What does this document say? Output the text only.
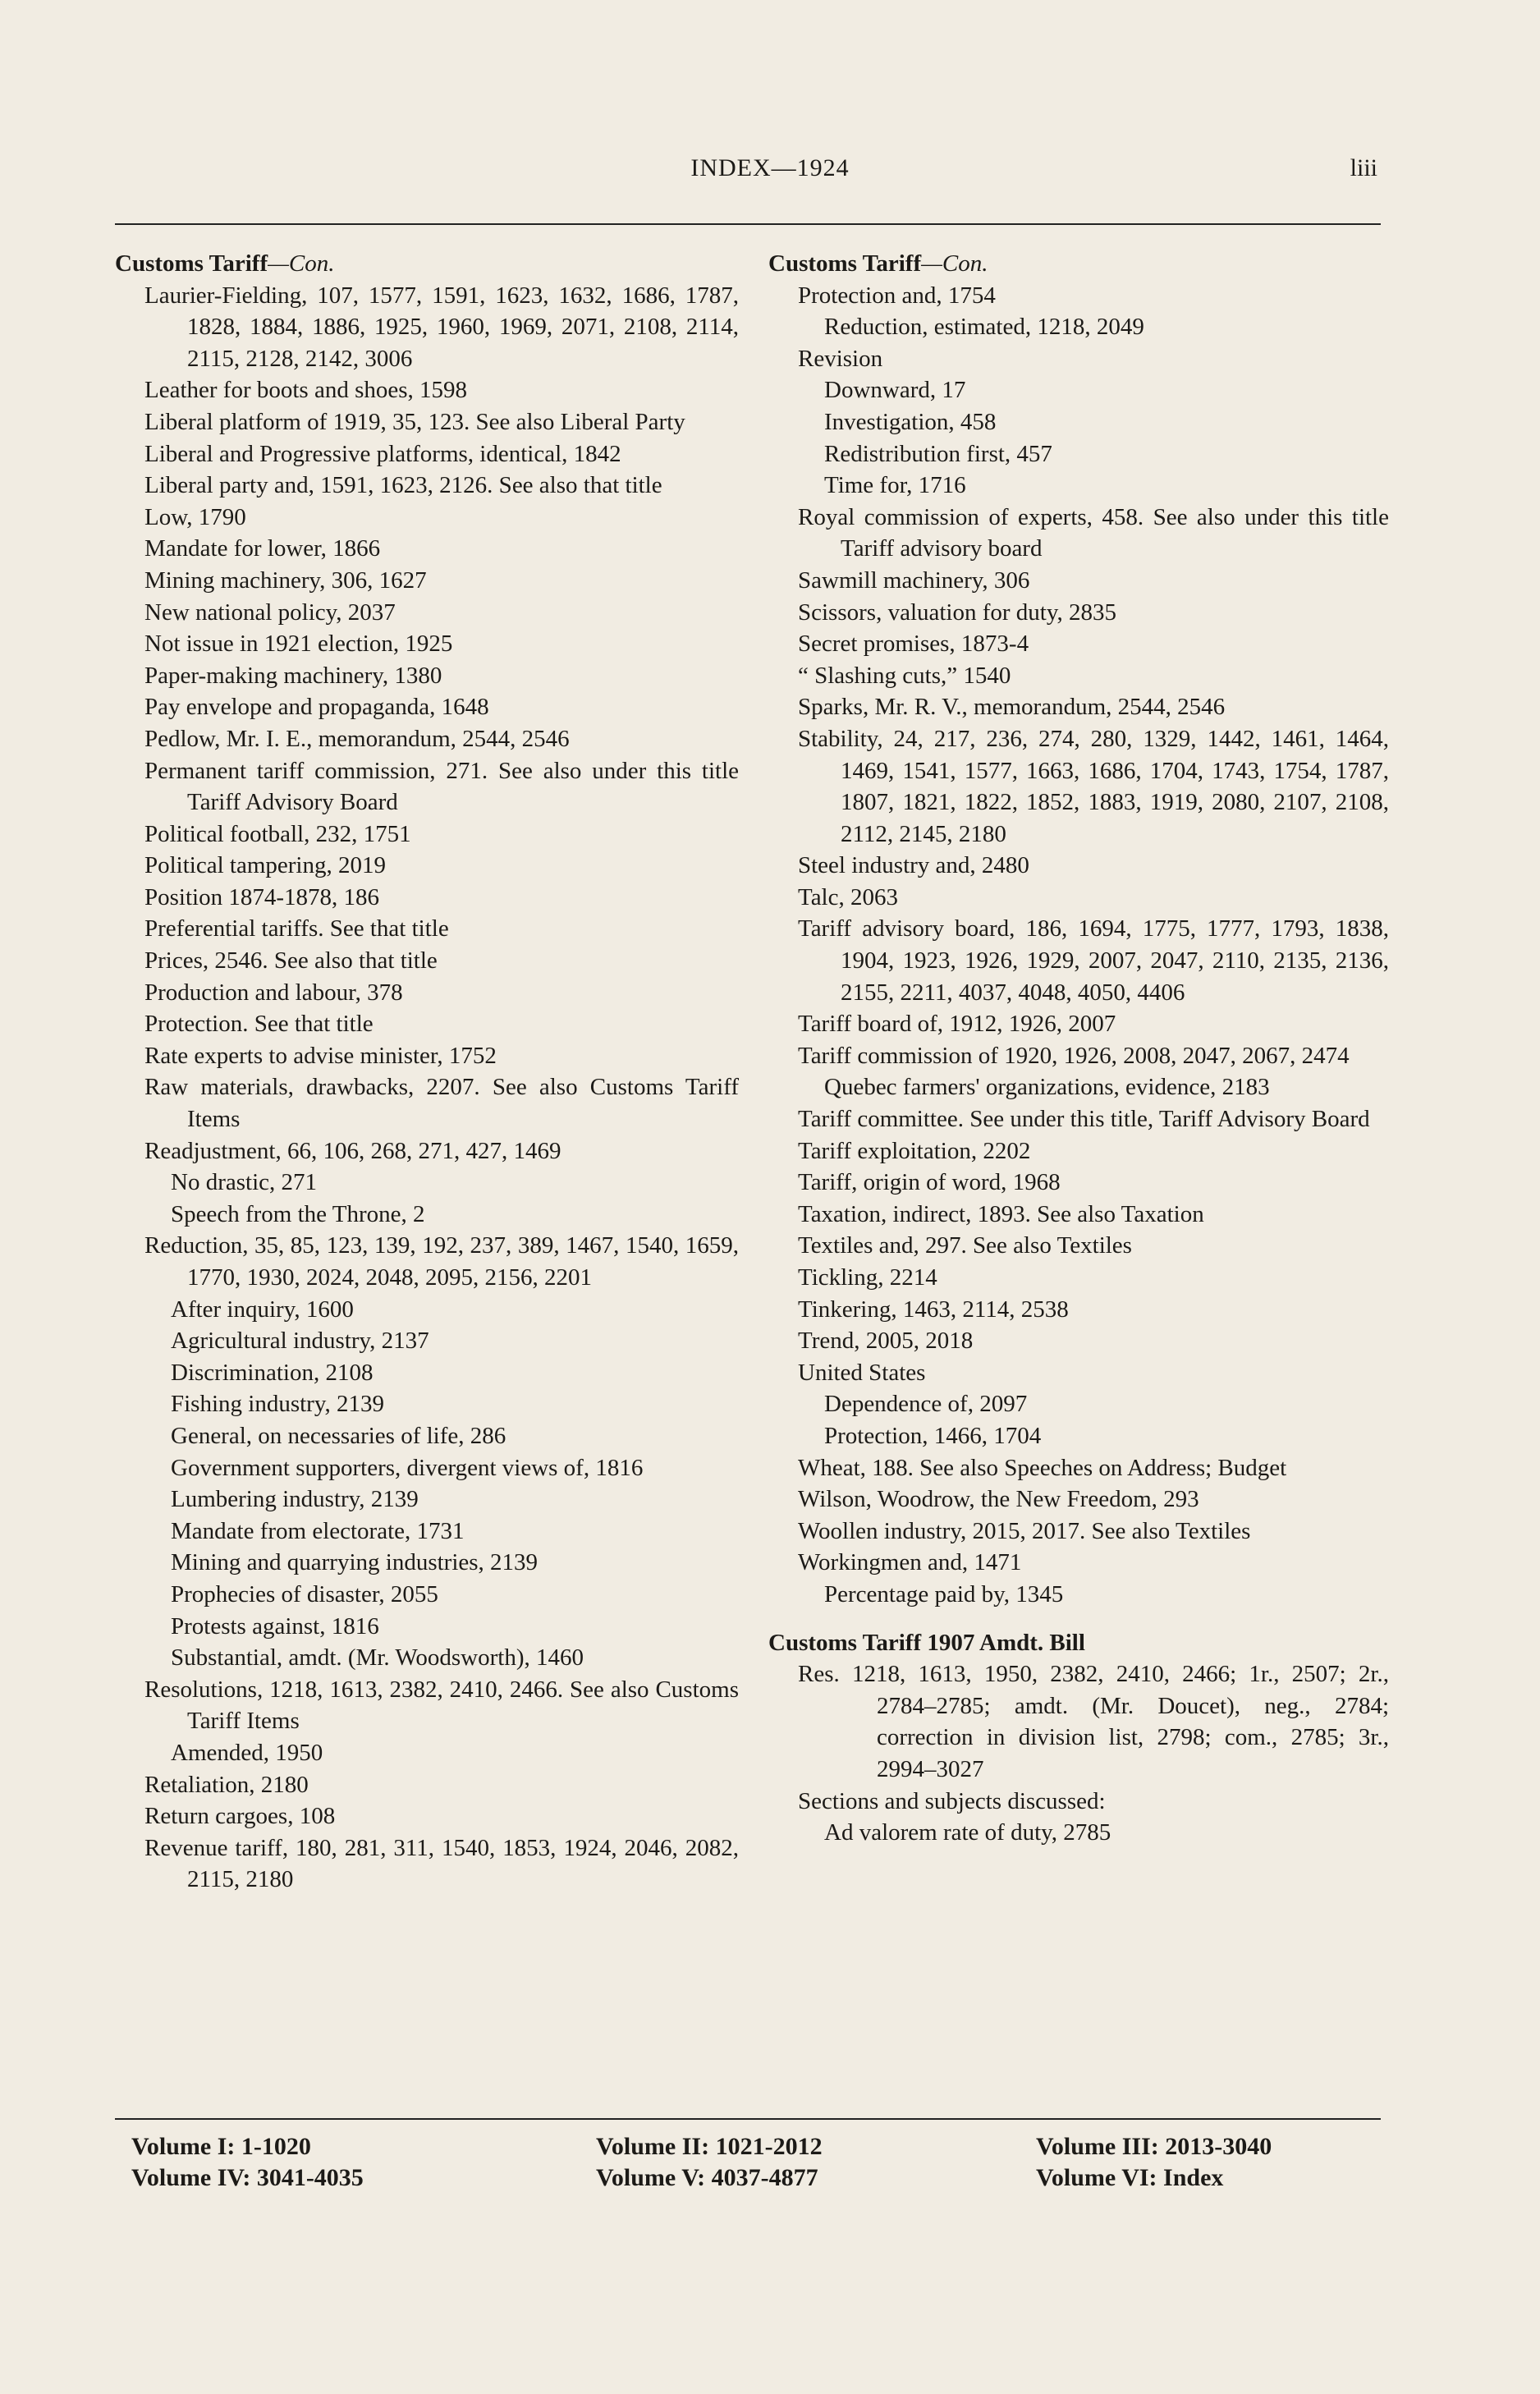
INDEX—1924	liii
Customs Tariff—Con.
Laurier-Fielding, 107, 1577, 1591, 1623, 1632, 1686, 1787, 1828, 1884, 1886, 1925, 1960, 1969, 2071, 2108, 2114, 2115, 2128, 2142, 3006
Leather for boots and shoes, 1598
Liberal platform of 1919, 35, 123. See also Liberal Party
Liberal and Progressive platforms, identical, 1842
Liberal party and, 1591, 1623, 2126. See also that title
Low, 1790
Mandate for lower, 1866
Mining machinery, 306, 1627
New national policy, 2037
Not issue in 1921 election, 1925
Paper-making machinery, 1380
Pay envelope and propaganda, 1648
Pedlow, Mr. I. E., memorandum, 2544, 2546
Permanent tariff commission, 271. See also under this title Tariff Advisory Board
Political football, 232, 1751
Political tampering, 2019
Position 1874-1878, 186
Preferential tariffs. See that title
Prices, 2546. See also that title
Production and labour, 378
Protection. See that title
Rate experts to advise minister, 1752
Raw materials, drawbacks, 2207. See also Customs Tariff Items
Readjustment, 66, 106, 268, 271, 427, 1469
No drastic, 271
Speech from the Throne, 2
Reduction, 35, 85, 123, 139, 192, 237, 389, 1467, 1540, 1659, 1770, 1930, 2024, 2048, 2095, 2156, 2201
After inquiry, 1600
Agricultural industry, 2137
Discrimination, 2108
Fishing industry, 2139
General, on necessaries of life, 286
Government supporters, divergent views of, 1816
Lumbering industry, 2139
Mandate from electorate, 1731
Mining and quarrying industries, 2139
Prophecies of disaster, 2055
Protests against, 1816
Substantial, amdt. (Mr. Woodsworth), 1460
Resolutions, 1218, 1613, 2382, 2410, 2466. See also Customs Tariff Items
Amended, 1950
Retaliation, 2180
Return cargoes, 108
Revenue tariff, 180, 281, 311, 1540, 1853, 1924, 2046, 2082, 2115, 2180
Customs Tariff—Con.
Protection and, 1754
Reduction, estimated, 1218, 2049
Revision
Downward, 17
Investigation, 458
Redistribution first, 457
Time for, 1716
Royal commission of experts, 458. See also under this title Tariff advisory board
Sawmill machinery, 306
Scissors, valuation for duty, 2835
Secret promises, 1873-4
“ Slashing cuts,” 1540
Sparks, Mr. R. V., memorandum, 2544, 2546
Stability, 24, 217, 236, 274, 280, 1329, 1442, 1461, 1464, 1469, 1541, 1577, 1663, 1686, 1704, 1743, 1754, 1787, 1807, 1821, 1822, 1852, 1883, 1919, 2080, 2107, 2108, 2112, 2145, 2180
Steel industry and, 2480
Talc, 2063
Tariff advisory board, 186, 1694, 1775, 1777, 1793, 1838, 1904, 1923, 1926, 1929, 2007, 2047, 2110, 2135, 2136, 2155, 2211, 4037, 4048, 4050, 4406
Tariff board of, 1912, 1926, 2007
Tariff commission of 1920, 1926, 2008, 2047, 2067, 2474
Quebec farmers' organizations, evidence, 2183
Tariff committee. See under this title, Tariff Advisory Board
Tariff exploitation, 2202
Tariff, origin of word, 1968
Taxation, indirect, 1893. See also Taxation
Textiles and, 297. See also Textiles
Tickling, 2214
Tinkering, 1463, 2114, 2538
Trend, 2005, 2018
United States
Dependence of, 2097
Protection, 1466, 1704
Wheat, 188. See also Speeches on Address; Budget
Wilson, Woodrow, the New Freedom, 293
Woollen industry, 2015, 2017. See also Textiles
Workingmen and, 1471
Percentage paid by, 1345
Customs Tariff 1907 Amdt. Bill
Res. 1218, 1613, 1950, 2382, 2410, 2466; 1r., 2507; 2r., 2784–2785; amdt. (Mr. Doucet), neg., 2784; correction in division list, 2798; com., 2785; 3r., 2994–3027
Sections and subjects discussed:
Ad valorem rate of duty, 2785
Volume I: 1-1020
Volume IV: 3041-4035
Volume II: 1021-2012
Volume V: 4037-4877
Volume III: 2013-3040
Volume VI: Index
